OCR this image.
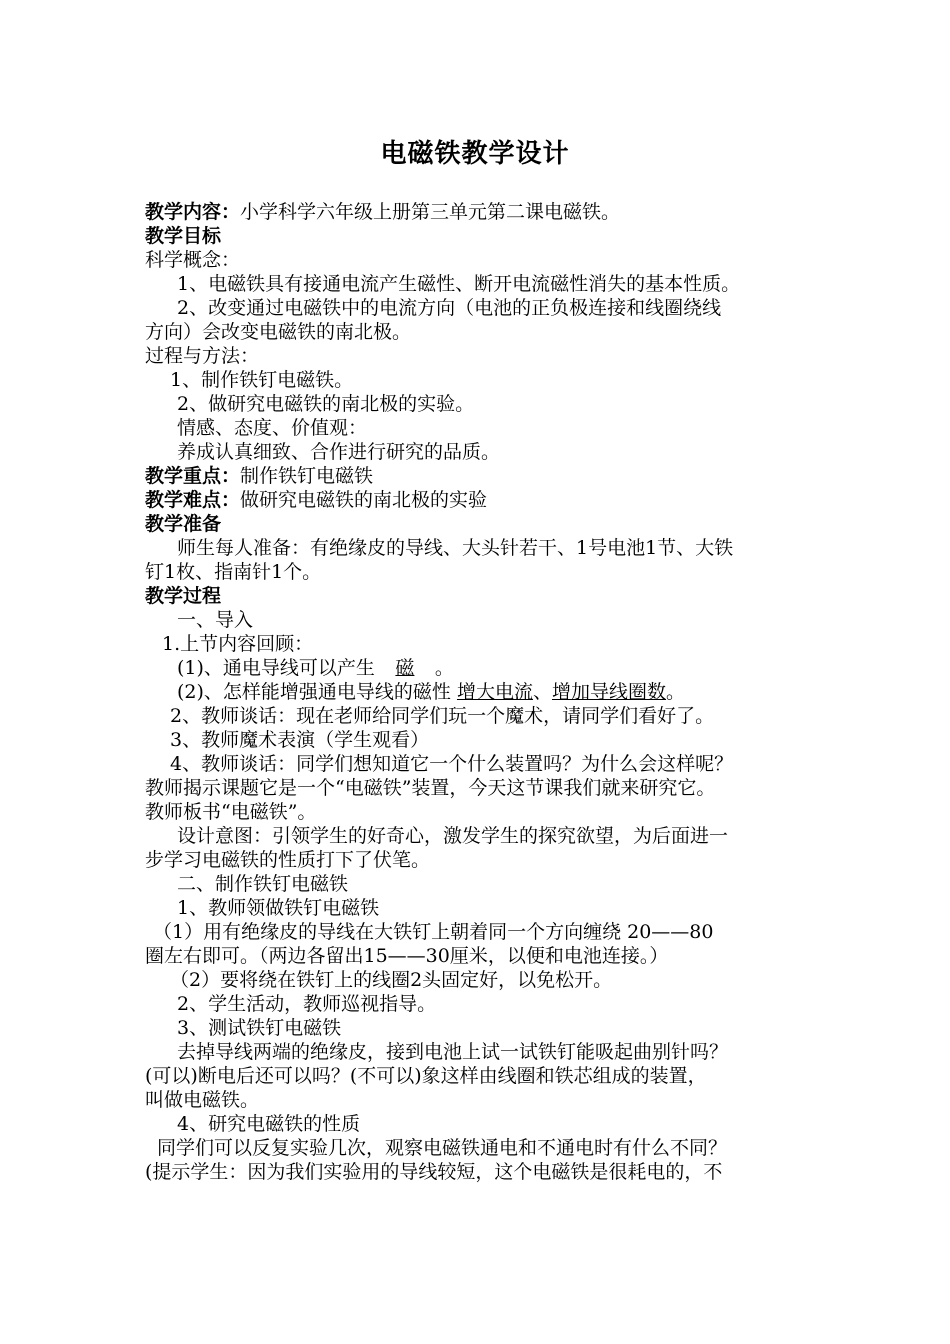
电磁铁教学设计
教学内容：小学科学六年级上册第三单元第二课电磁铁。
教学目标
科学概念：
1、电磁铁具有接通电流产生磁性、断开电流磁性消失的基本性质。
2、改变通过电磁铁中的电流方向（电池的正负极连接和线圈绕线
方向）会改变电磁铁的南北极。
过程与方法：
1、制作铁钉电磁铁。
2、做研究电磁铁的南北极的实验。
情感、态度、价值观：
养成认真细致、合作进行研究的品质。
教学重点：制作铁钉电磁铁
教学难点：做研究电磁铁的南北极的实验
教学准备
师生每人准备：有绝缘皮的导线、大头针若干、1号电池1节、大铁
钉1枚、指南针1个。
教学过程
一、导入
1.上节内容回顾：
(1)、通电导线可以产生 磁 。
(2)、怎样能增强通电导线的磁性 增大电流、增加导线圈数。
2、教师谈话：现在老师给同学们玩一个魔术，请同学们看好了。
3、教师魔术表演（学生观看）
4、教师谈话：同学们想知道它一个什么装置吗？为什么会这样呢？
教师揭示课题它是一个“电磁铁”装置，今天这节课我们就来研究它。
教师板书“电磁铁”。
设计意图：引领学生的好奇心，激发学生的探究欲望，为后面进一
步学习电磁铁的性质打下了伏笔。
二、制作铁钉电磁铁
1、教师领做铁钉电磁铁
（1）用有绝缘皮的导线在大铁钉上朝着同一个方向缠绕 20——80
圈左右即可。（两边各留出15——30厘米，以便和电池连接。）
（2）要将绕在铁钉上的线圈2头固定好，以免松开。
2、学生活动，教师巡视指导。
3、测试铁钉电磁铁
去掉导线两端的绝缘皮，接到电池上试一试铁钉能吸起曲别针吗？
(可以)断电后还可以吗？(不可以)象这样由线圈和铁芯组成的装置，
叫做电磁铁。
4、研究电磁铁的性质
同学们可以反复实验几次，观察电磁铁通电和不通电时有什么不同？
(提示学生：因为我们实验用的导线较短，这个电磁铁是很耗电的，不
